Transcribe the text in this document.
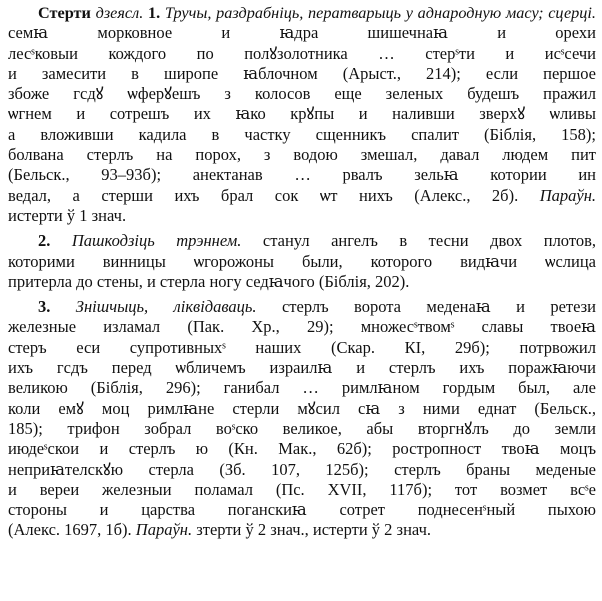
Стерти дзеясл. 1. Тручы, раздрабніць, ператварыць у аднародную масу; сцерці.
семꙗ морковное и ꙗдра шишечнаꙗ и орехи
лесˢковыи кождого по полꙋзолотника … стерˢти и исˢсечи
и замесити в широпе ꙗблочном (Арыст., 214); если першое
збоже гсдꙋ ѡферꙋешъ з колосов еще зеленых будешъ пражил
ѡгнем и сотрешъ их ꙗко крꙋпы и наливши зверхꙋ ѡливы
а вложивши кадила в частку сщенникъ спалит (Біблія, 158);
болвана стерлъ на порох, з водою змешал, давал людем пит
(Бельск., 93–93б); анектанав … рвалъ зельꙗ котории ин
ведал, а стерши ихъ брал сок ѡт нихъ (Алекс., 2б). Параўн.
истерти ў 1 знач.
2. Пашкодзіць трэннем. станул ангелъ в тесни двох плотов,
которими винницы ѡгорожоны были, которого видꙗчи ѡслица
притерла до стены, и стерла ногу седꙗчого (Біблія, 202).
3. Знішчыць, ліквідаваць. стерлъ ворота меденаꙗ и ретези
железные изламал (Пак. Хр., 29); множесˢтвомˢ славы твоеꙗ
стеръ еси супротивныхˢ наших (Скар. КІ, 29б); потрвожил
ихъ гсдъ перед ѡбличемъ израилꙗ и стерлъ ихъ поражꙗючи
великою (Біблія, 296); ганибал … римлꙗном гордым был, але
коли емꙋ моц римлꙗне стерли мꙋсил сꙗ з ними еднат (Бельск.,
185); трифон зобрал воˢско великое, абы вторгнꙋлъ до земли
июдеˢскои и стерлъ ю (Кн. Мак., 62б); ростропност твоꙗ моцъ
неприꙗтелскꙋю стерла (Зб. 107, 125б); стерлъ браны меденые
и вереи железныи поламал (Пс. XVII, 117б); тот возмет всˢе
стороны и царства поганскиꙗ сотрет поднесенˢный пыхою
(Алекс. 1697, 1б). Параўн. зтерти ў 2 знач., истерти ў 2 знач.
